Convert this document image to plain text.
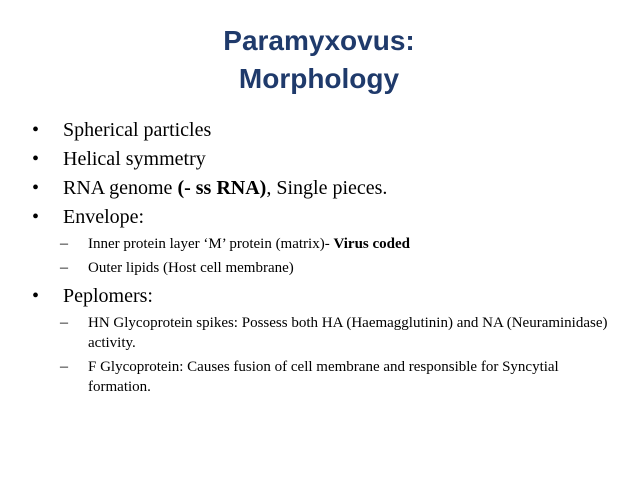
Paramyxovus:
Morphology
• Spherical particles
• Helical symmetry
• RNA genome (- ss RNA), Single pieces.
• Envelope:
– Inner protein layer ‘M’ protein (matrix)- Virus coded
– Outer lipids (Host cell membrane)
• Peplomers:
– HN Glycoprotein spikes: Possess both HA (Haemagglutinin) and NA (Neuraminidase) activity.
– F Glycoprotein: Causes fusion of cell membrane and responsible for Syncytial formation.
